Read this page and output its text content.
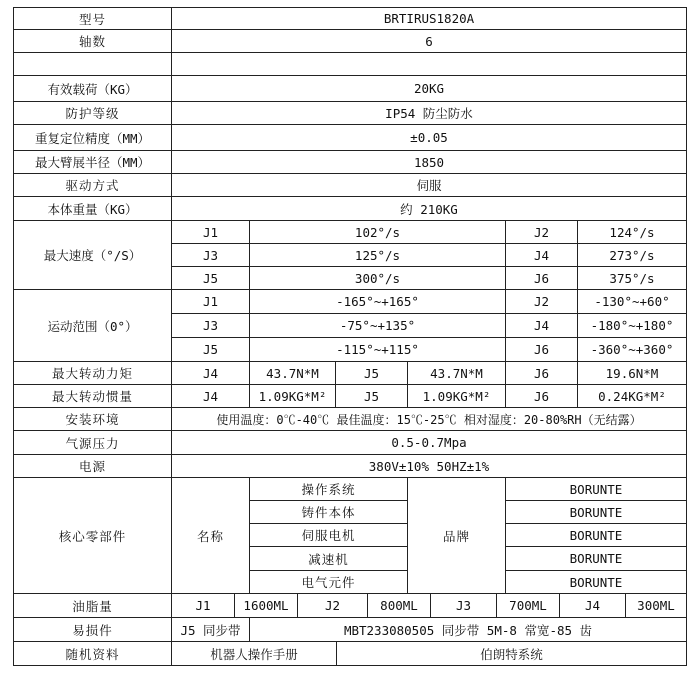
型号	BRTIRUS1820A
轴数	6
有效载荷（KG）	20KG
防护等级	IP54 防尘防水
重复定位精度（MM）	±0.05
最大臂展半径（MM）	1850
驱动方式	伺服
本体重量（KG）	约 210KG
最大速度（°/S）
J1	102°/s	J2	124°/s
J3	125°/s	J4	273°/s
J5	300°/s	J6	375°/s
运动范围（0°）
J1	-165°~+165°	J2	-130°~+60°
J3	-75°~+135°	J4	-180°~+180°
J5	-115°~+115°	J6	-360°~+360°
最大转动力矩	J4	43.7N*M	J5	43.7N*M	J6	19.6N*M
最大转动惯量	J4	1.09KG*M²	J5	1.09KG*M²	J6	0.24KG*M²
安装环境	使用温度：0℃-40℃ 最佳温度：15℃-25℃ 相对湿度：20-80%RH（无结露）
气源压力	0.5-0.7Mpa
电源	380V±10% 50HZ±1%
核心零部件	名称	品牌
操作系统	BORUNTE
铸件本体	BORUNTE
伺服电机	BORUNTE
减速机	BORUNTE
电气元件	BORUNTE
油脂量	J1	1600ML	J2	800ML	J3	700ML	J4	300ML
易损件	J5 同步带	MBT233080505 同步带 5M-8 常宽-85 齿
随机资料	机器人操作手册	伯朗特系统
